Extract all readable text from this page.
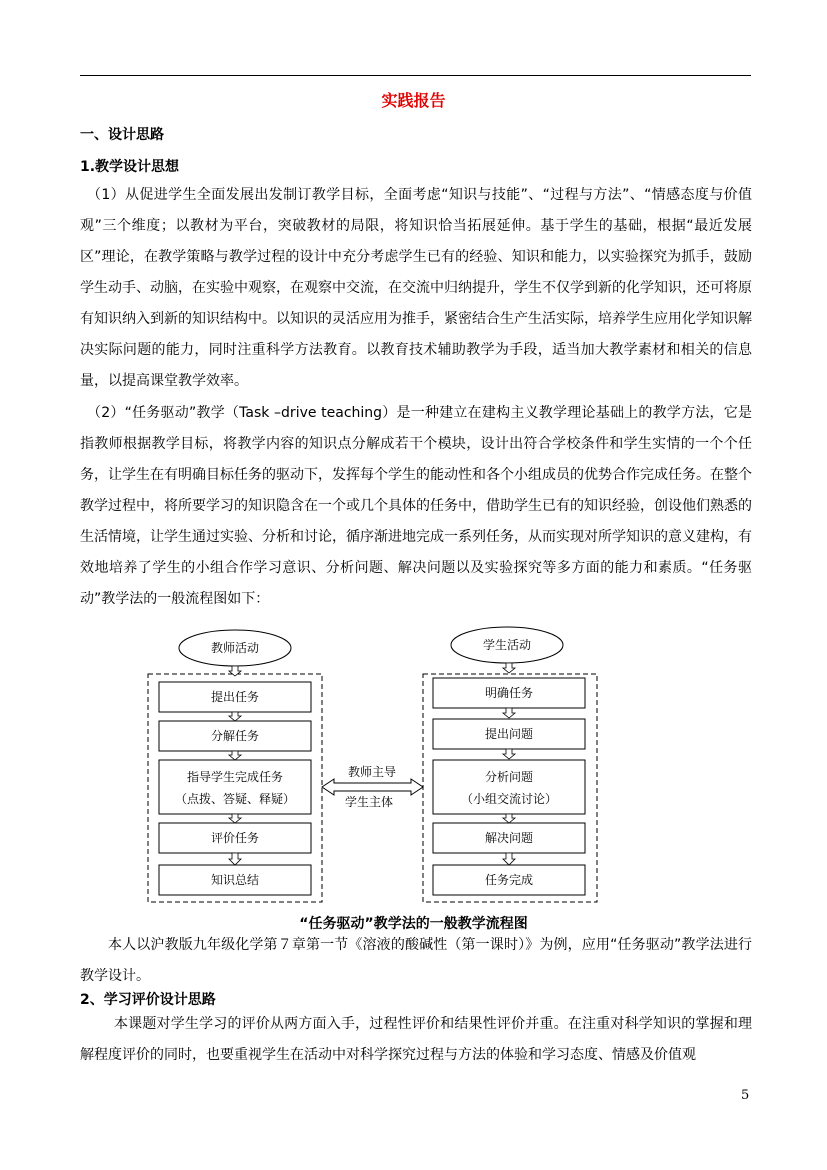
实践报告
一、设计思路
1.教学设计思想
（1）从促进学生全面发展出发制订教学目标，全面考虑“知识与技能”、“过程与方法”、“情感态度与价值观”三个维度；以教材为平台，突破教材的局限，将知识恰当拓展延伸。基于学生的基础，根据“最近发展区”理论，在教学策略与教学过程的设计中充分考虑学生已有的经验、知识和能力，以实验探究为抓手，鼓励学生动手、动脑，在实验中观察，在观察中交流，在交流中归纳提升，学生不仅学到新的化学知识，还可将原有知识纳入到新的知识结构中。以知识的灵活应用为推手，紧密结合生产生活实际，培养学生应用化学知识解决实际问题的能力，同时注重科学方法教育。以教育技术辅助教学为手段，适当加大教学素材和相关的信息量，以提高课堂教学效率。
（2）“任务驱动”教学（Task –drive teaching）是一种建立在建构主义教学理论基础上的教学方法，它是指教师根据教学目标，将教学内容的知识点分解成若干个模块，设计出符合学校条件和学生实情的一个个任务，让学生在有明确目标任务的驱动下，发挥每个学生的能动性和各个小组成员的优势合作完成任务。在整个教学过程中，将所要学习的知识隐含在一个或几个具体的任务中，借助学生已有的知识经验，创设他们熟悉的生活情境，让学生通过实验、分析和讨论，循序渐进地完成一系列任务，从而实现对所学知识的意义建构，有效地培养了学生的小组合作学习意识、分析问题、解决问题以及实验探究等多方面的能力和素质。“任务驱动”教学法的一般流程图如下：
教师活动
提出任务
分解任务
指导学生完成任务
（点拨、答疑、释疑）
评价任务
知识总结
学生活动
明确任务
提出问题
分析问题
（小组交流讨论）
解决问题
任务完成
教师主导
学生主体
“任务驱动”教学法的一般教学流程图
本人以沪教版九年级化学第７章第一节《溶液的酸碱性（第一课时）》为例，应用“任务驱动”教学法进行教学设计。
2、学习评价设计思路
本课题对学生学习的评价从两方面入手，过程性评价和结果性评价并重。在注重对科学知识的掌握和理解程度评价的同时，也要重视学生在活动中对科学探究过程与方法的体验和学习态度、情感及价值观
5
